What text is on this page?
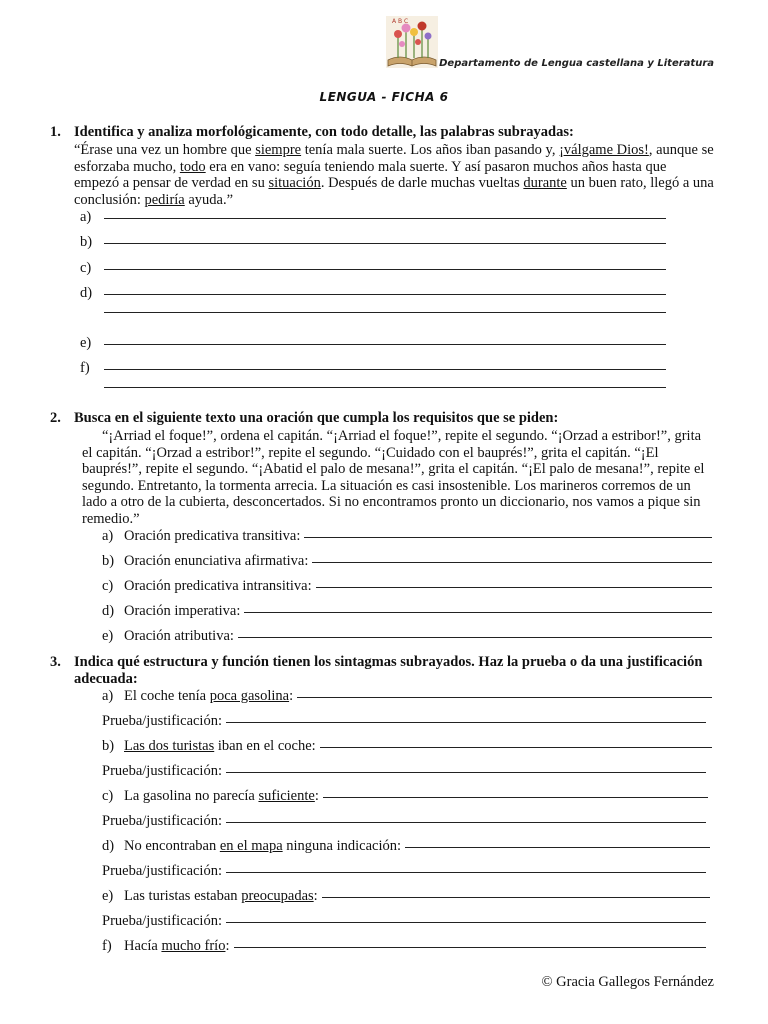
A B C
Departamento de Lengua castellana y Literatura
LENGUA - FICHA 6
1. Identifica y analiza morfológicamente, con todo detalle, las palabras subrayadas:

“Érase una vez un hombre que siempre tenía mala suerte. Los años iban pasando y, ¡válgame Dios!, aunque se esforzaba mucho, todo era en vano: seguía teniendo mala suerte. Y así pasaron muchos años hasta que empezó a pensar de verdad en su situación. Después de darle muchas vueltas durante un buen rato, llegó a una conclusión: pediría ayuda.”

a)
b)
c)
d)
e)
f)
2. Busca en el siguiente texto una oración que cumpla los requisitos que se piden:

“¡Arriad el foque!”, ordena el capitán. “¡Arriad el foque!”, repite el segundo. “¡Orzad a estribor!”, grita el capitán. “¡Orzad a estribor!”, repite el segundo. “¡Cuidado con el bauprés!”, grita el capitán. “¡El bauprés!”, repite el segundo. “¡Abatid el palo de mesana!”, grita el capitán. “¡El palo de mesana!”, repite el segundo. Entretanto, la tormenta arrecia. La situación es casi insostenible. Los marineros corremos de un lado a otro de la cubierta, desconcertados. Si no encontramos pronto un diccionario, nos vamos a pique sin remedio.”

a) Oración predicativa transitiva:
b) Oración enunciativa afirmativa:
c) Oración predicativa intransitiva:
d) Oración imperativa:
e) Oración atributiva:
3. Indica qué estructura y función tienen los sintagmas subrayados. Haz la prueba o da una justificación adecuada:
a) El coche tenía poca gasolina:
Prueba/justificación:
b) Las dos turistas iban en el coche:
Prueba/justificación:
c) La gasolina no parecía suficiente:
Prueba/justificación:
d) No encontraban en el mapa ninguna indicación:
Prueba/justificación:
e) Las turistas estaban preocupadas:
Prueba/justificación:
f) Hacía mucho frío:
© Gracia Gallegos Fernández
